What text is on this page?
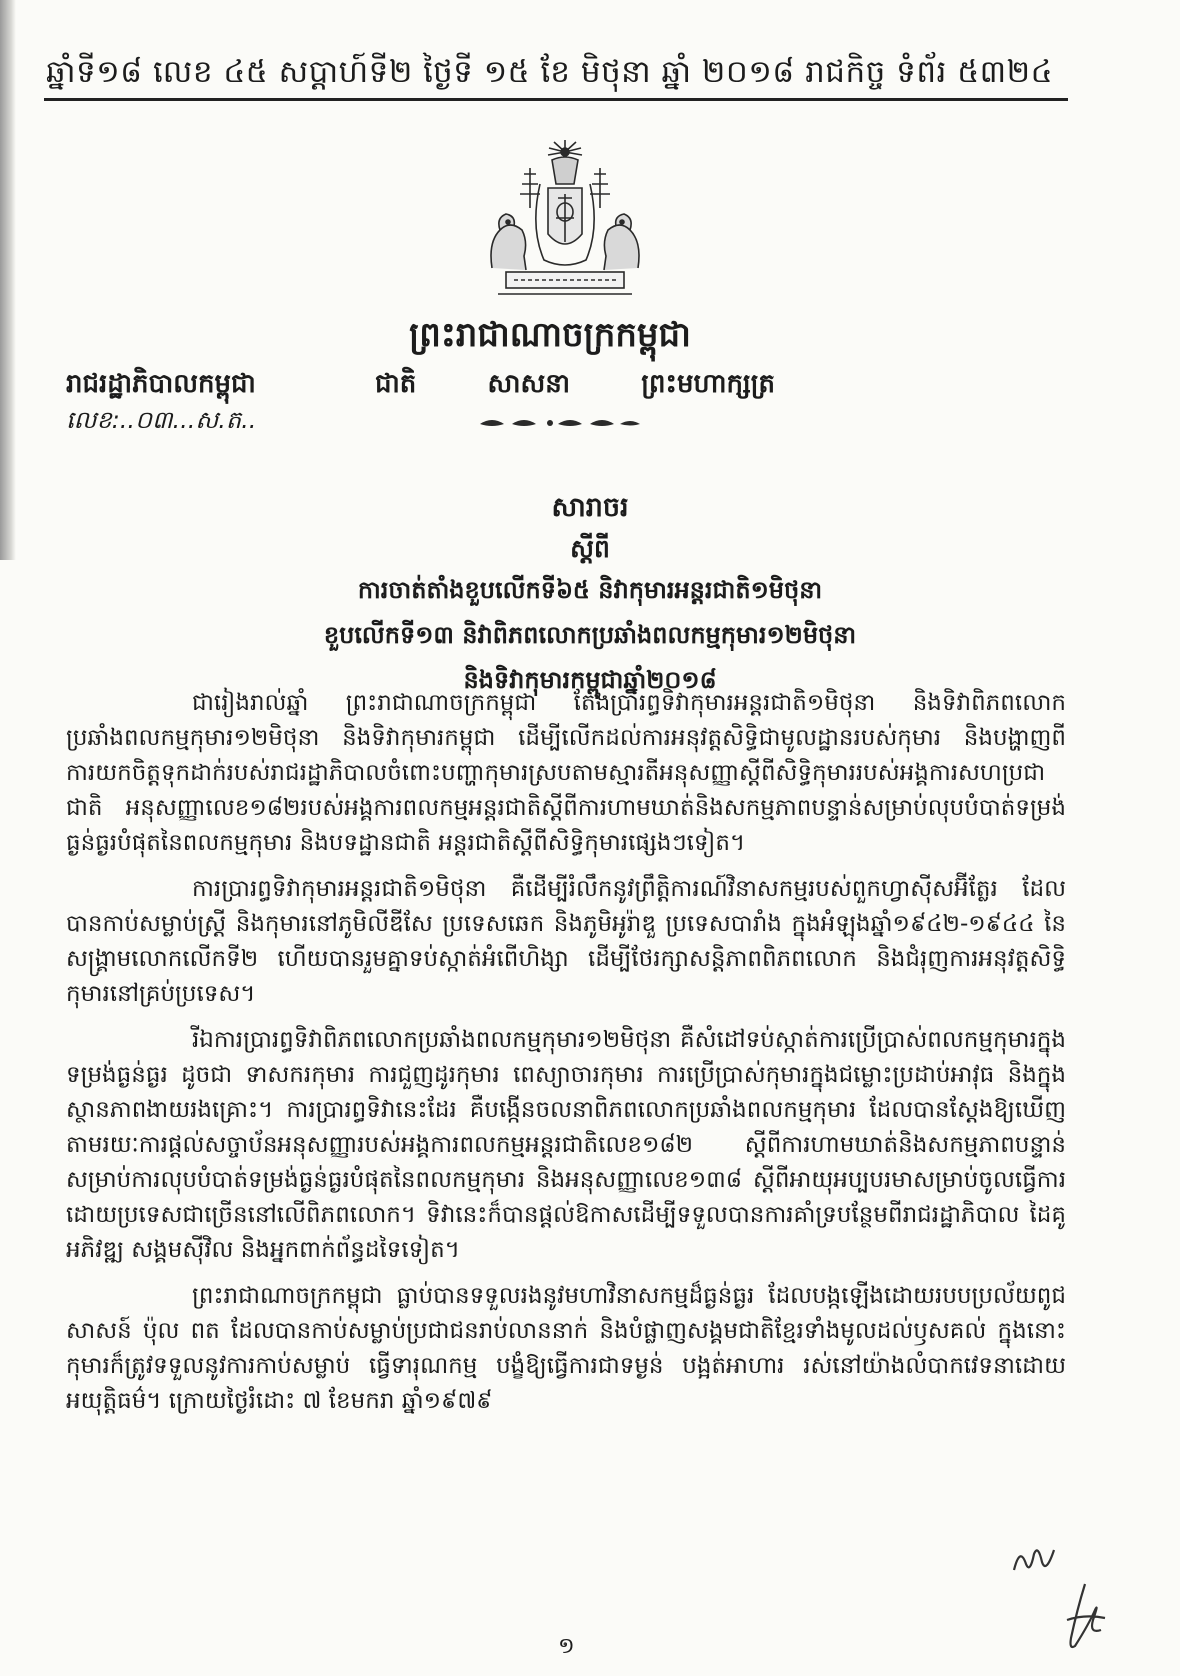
ឆ្នាំទី១៨ លេខ ៤៥ សប្តាហ៍ទី២ ថ្ងៃទី ១៥ ខែ មិថុនា ឆ្នាំ ២០១៨ រាជកិច្ច ទំព័រ ៥៣២៤
ព្រះរាជាណាចក្រកម្ពុជា
ជាតិ	សាសនា	ព្រះមហាក្សត្រ
រាជរដ្ឋាភិបាលកម្ពុជា
លេខ:..០៣...ស.ត..
សារាចរ
ស្តីពី
ការចាត់តាំងខួបលើកទី៦៥ និវាកុមារអន្តរជាតិ១មិថុនា
ខួបលើកទី១៣ និវាពិភពលោកប្រឆាំងពលកម្មកុមារ១២មិថុនា
និងទិវាកុមារកម្ពុជាឆ្នាំ២០១៨

ជារៀងរាល់ឆ្នាំ ព្រះរាជាណាចក្រកម្ពុជា តែងប្រារព្ធទិវាកុមារអន្តរជាតិ១មិថុនា និងទិវាពិភពលោកប្រឆាំងពលកម្មកុមារ១២មិថុនា និងទិវាកុមារកម្ពុជា ដើម្បីលើកដល់ការអនុវត្តសិទ្ធិជាមូលដ្ឋានរបស់កុមារ និងបង្ហាញពីការយកចិត្តទុកដាក់របស់រាជរដ្ឋាភិបាលចំពោះបញ្ហាកុមារស្របតាមស្មារតីអនុសញ្ញាស្តីពីសិទ្ធិកុមាររបស់អង្គការសហប្រជាជាតិ អនុសញ្ញាលេខ១៨២របស់អង្គការពលកម្មអន្តរជាតិស្តីពីការហាមឃាត់និងសកម្មភាពបន្ទាន់សម្រាប់លុបបំបាត់ទម្រង់ធ្ងន់ធ្ងរបំផុតនៃពលកម្មកុមារ និងបទដ្ឋានជាតិ អន្តរជាតិស្តីពីសិទ្ធិកុមារផ្សេងៗទៀត។

ការប្រារព្ធទិវាកុមារអន្តរជាតិ១មិថុនា គឺដើម្បីរំលឹកនូវព្រឹត្តិការណ៍វិនាសកម្មរបស់ពួកហ្វាស៊ីសអ៊ីត្លែរ ដែលបានកាប់សម្លាប់ស្ត្រី និងកុមារនៅភូមិលីឌីសែ ប្រទេសឆេក និងភូមិអូរ៉ាឌួ ប្រទេសបារាំង ក្នុងអំឡុងឆ្នាំ១៩៤២-១៩៤៤ នៃសង្គ្រាមលោកលើកទី២ ហើយបានរួមគ្នាទប់ស្កាត់អំពើហិង្សា ដើម្បីថែរក្សាសន្តិភាពពិភពលោក និងជំរុញការអនុវត្តសិទ្ធិកុមារនៅគ្រប់ប្រទេស។

រីឯការប្រារព្ធទិវាពិភពលោកប្រឆាំងពលកម្មកុមារ១២មិថុនា គឺសំដៅទប់ស្កាត់ការប្រើប្រាស់ពលកម្មកុមារក្នុងទម្រង់ធ្ងន់ធ្ងរ ដូចជា ទាសករកុមារ ការជួញដូរកុមារ ពេស្យាចារកុមារ ការប្រើប្រាស់កុមារក្នុងជម្លោះប្រដាប់អាវុធ និងក្នុងស្ថានភាពងាយរងគ្រោះ។ ការប្រារព្ធទិវានេះដែរ គឺបង្កើនចលនាពិភពលោកប្រឆាំងពលកម្មកុមារ ដែលបានស្តែងឱ្យឃើញតាមរយៈការផ្តល់សច្ចាប័នអនុសញ្ញារបស់អង្គការពលកម្មអន្តរជាតិលេខ១៨២ ស្តីពីការហាមឃាត់និងសកម្មភាពបន្ទាន់សម្រាប់ការលុបបំបាត់ទម្រង់ធ្ងន់ធ្ងរបំផុតនៃពលកម្មកុមារ និងអនុសញ្ញាលេខ១៣៨ ស្តីពីអាយុអប្បបរមាសម្រាប់ចូលធ្វើការដោយប្រទេសជាច្រើននៅលើពិភពលោក។ ទិវានេះក៏បានផ្តល់ឱកាសដើម្បីទទួលបានការគាំទ្របន្ថែមពីរាជរដ្ឋាភិបាល ដៃគូអភិវឌ្ឍ សង្គមស៊ីវិល និងអ្នកពាក់ព័ន្ធដទៃទៀត។

ព្រះរាជាណាចក្រកម្ពុជា ធ្លាប់បានទទួលរងនូវមហាវិនាសកម្មដ៏ធ្ងន់ធ្ងរ ដែលបង្កឡើងដោយរបបប្រល័យពូជសាសន៍ ប៉ុល ពត ដែលបានកាប់សម្លាប់ប្រជាជនរាប់លាននាក់ និងបំផ្លាញសង្គមជាតិខ្មែរទាំងមូលដល់ឫសគល់ ក្នុងនោះកុមារក៏ត្រូវទទួលនូវការកាប់សម្លាប់ ធ្វើទារុណកម្ម បង្ខំឱ្យធ្វើការជាទម្ងន់ បង្អត់អាហារ រស់នៅយ៉ាងលំបាកវេទនាដោយអយុត្តិធម៌។ ក្រោយថ្ងៃរំដោះ ៧ ខែមករា ឆ្នាំ១៩៧៩

១
